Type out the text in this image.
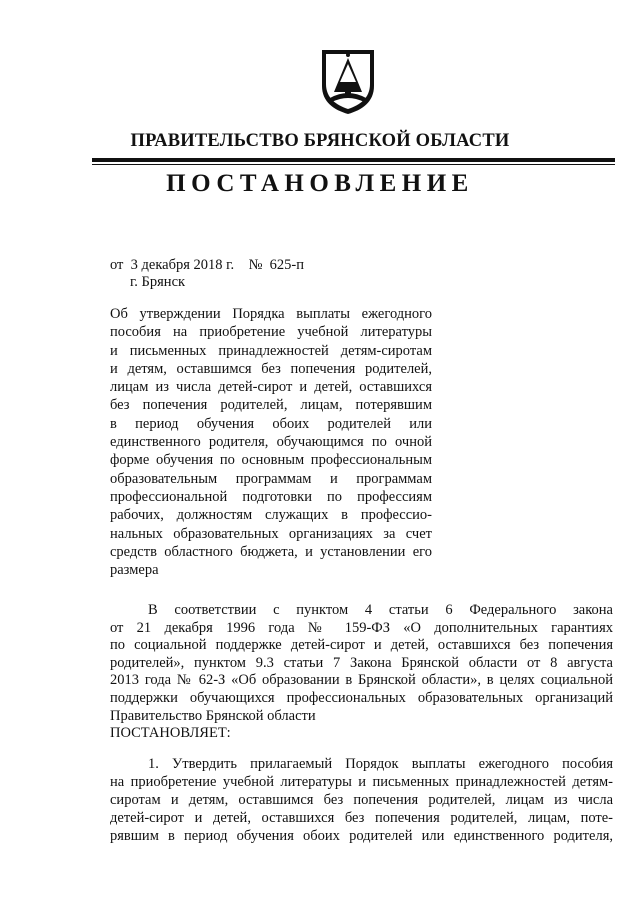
ПРАВИТЕЛЬСТВО БРЯНСКОЙ ОБЛАСТИ
ПОСТАНОВЛЕНИЕ
от  3 декабря 2018 г.    №  625-п
г. Брянск
Об утверждении Порядка выплаты ежегодного
пособия на приобретение учебной литературы
и письменных принадлежностей детям-сиротам
и детям, оставшимся без попечения родителей,
лицам из числа детей-сирот и детей, оставшихся
без попечения родителей, лицам, потерявшим
в период обучения обоих родителей или
единственного родителя, обучающимся по очной
форме обучения по основным профессиональным
образовательным программам и программам
профессиональной подготовки по профессиям
рабочих, должностям служащих в профессио-
нальных образовательных организациях за счет
средств областного бюджета, и установлении его
размера
В соответствии с пунктом 4 статьи 6 Федерального закона
от 21 декабря 1996 года № 159-ФЗ «О дополнительных гарантиях
по социальной поддержке детей-сирот и детей, оставшихся без попечения
родителей», пунктом 9.3 статьи 7 Закона Брянской области от 8 августа
2013 года № 62-З «Об образовании в Брянской области», в целях социальной
поддержки обучающихся профессиональных образовательных организаций
Правительство Брянской области
ПОСТАНОВЛЯЕТ:
1. Утвердить прилагаемый Порядок выплаты ежегодного пособия
на приобретение учебной литературы и письменных принадлежностей детям-
сиротам и детям, оставшимся без попечения родителей, лицам из числа
детей-сирот и детей, оставшихся без попечения родителей, лицам, поте-
рявшим в период обучения обоих родителей или единственного родителя,
